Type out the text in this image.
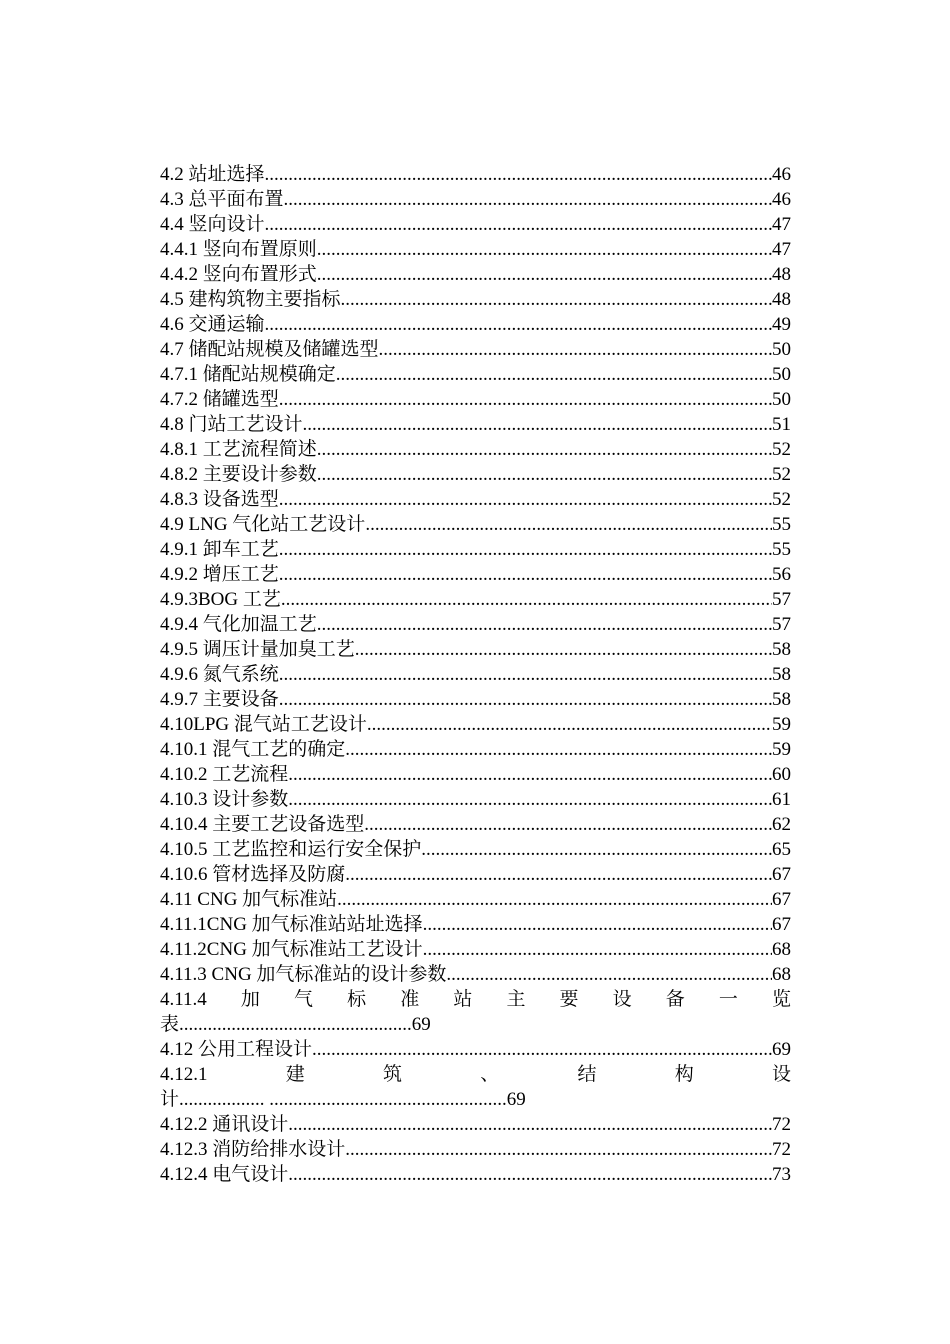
4.2 站址选择 .....	46
4.3 总平面布置 .....	46
4.4 竖向设计 .....	47
4.4.1 竖向布置原则 .....	47
4.4.2 竖向布置形式 .....	48
4.5 建构筑物主要指标 .....	48
4.6 交通运输 .....	49
4.7 储配站规模及储罐选型 .....	50
4.7.1 储配站规模确定 .....	50
4.7.2 储罐选型 .....	50
4.8 门站工艺设计 .....	51
4.8.1 工艺流程简述 .....	52
4.8.2 主要设计参数 .....	52
4.8.3 设备选型 .....	52
4.9 LNG 气化站工艺设计 .....	55
4.9.1 卸车工艺 .....	55
4.9.2 增压工艺 .....	56
4.9.3BOG 工艺 .....	57
4.9.4 气化加温工艺 .....	57
4.9.5 调压计量加臭工艺 .....	58
4.9.6 氮气系统 .....	58
4.9.7 主要设备 .....	58
4.10LPG 混气站工艺设计 .....	59
4.10.1 混气工艺的确定 .....	59
4.10.2 工艺流程 .....	60
4.10.3 设计参数 .....	61
4.10.4 主要工艺设备选型 .....	62
4.10.5 工艺监控和运行安全保护 .....	65
4.10.6 管材选择及防腐 .....	67
4.11 CNG 加气标准站 .....	67
4.11.1CNG 加气标准站站址选择 .....	67
4.11.2CNG 加气标准站工艺设计 .....	68
4.11.3 CNG 加气标准站的设计参数 .....	68
4.11.4 加 气 标 准 站 主 要 设 备 一 览
表.................................................69
4.12 公用工程设计 .....	69
4.12.1	建	筑	、	结	构	设
计.................. ..................................................69
4.12.2 通讯设计 .....	72
4.12.3 消防给排水设计 .....	72
4.12.4 电气设计 .....	73
